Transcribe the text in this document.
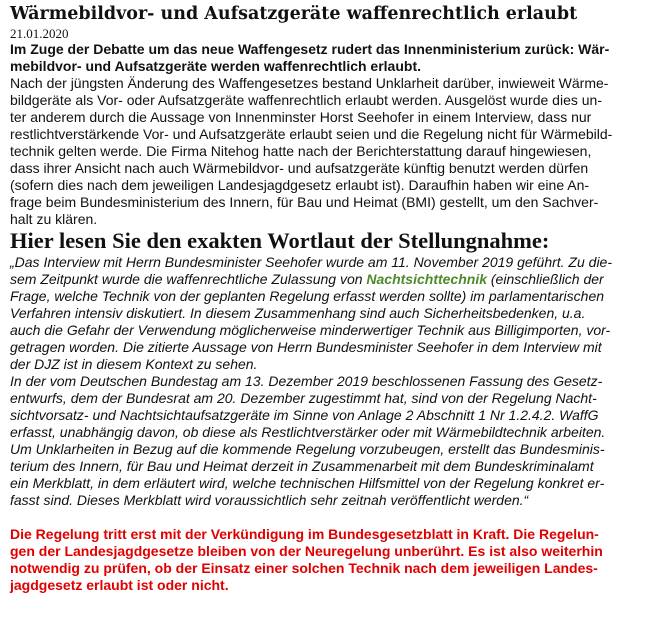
Wärmebildvor- und Aufsatzgeräte waffenrechtlich erlaubt

21.01.2020

Im Zuge der Debatte um das neue Waffengesetz rudert das Innenministerium zurück: Wär-
mebildvor- und Aufsatzgeräte werden waffenrechtlich erlaubt.

Nach der jüngsten Änderung des Waffengesetzes bestand Unklarheit darüber, inwieweit Wärme-
bildgeräte als Vor- oder Aufsatzgeräte waffenrechtlich erlaubt werden. Ausgelöst wurde dies un-
ter anderem durch die Aussage von Innenminster Horst Seehofer in einem Interview, dass nur
restlichtverstärkende Vor- und Aufsatzgeräte erlaubt seien und die Regelung nicht für Wärmebild-
technik gelten werde. Die Firma Nitehog hatte nach der Berichterstattung darauf hingewiesen,
dass ihrer Ansicht nach auch Wärmebildvor- und aufsatzgeräte künftig benutzt werden dürfen
(sofern dies nach dem jeweiligen Landesjagdgesetz erlaubt ist). Daraufhin haben wir eine An-
frage beim Bundesministerium des Innern, für Bau und Heimat (BMI) gestellt, um den Sachver-
halt zu klären.

Hier lesen Sie den exakten Wortlaut der Stellungnahme:

„Das Interview mit Herrn Bundesminister Seehofer wurde am 11. November 2019 geführt. Zu die-
sem Zeitpunkt wurde die waffenrechtliche Zulassung von Nachtsichttechnik (einschließlich der
Frage, welche Technik von der geplanten Regelung erfasst werden sollte) im parlamentarischen
Verfahren intensiv diskutiert. In diesem Zusammenhang sind auch Sicherheitsbedenken, u.a.
auch die Gefahr der Verwendung möglicherweise minderwertiger Technik aus Billigimporten, vor-
getragen worden. Die zitierte Aussage von Herrn Bundesminister Seehofer in dem Interview mit
der DJZ ist in diesem Kontext zu sehen.
In der vom Deutschen Bundestag am 13. Dezember 2019 beschlossenen Fassung des Gesetz-
entwurfs, dem der Bundesrat am 20. Dezember zugestimmt hat, sind von der Regelung Nacht-
sichtvorsatz- und Nachtsichtaufsatzgeräte im Sinne von Anlage 2 Abschnitt 1 Nr 1.2.4.2. WaffG
erfasst, unabhängig davon, ob diese als Restlichtverstärker oder mit Wärmebildtechnik arbeiten.
Um Unklarheiten in Bezug auf die kommende Regelung vorzubeugen, erstellt das Bundesminis-
terium des Innern, für Bau und Heimat derzeit in Zusammenarbeit mit dem Bundeskriminalamt
ein Merkblatt, in dem erläutert wird, welche technischen Hilfsmittel von der Regelung konkret er-
fasst sind. Dieses Merkblatt wird voraussichtlich sehr zeitnah veröffentlicht werden.“

Die Regelung tritt erst mit der Verkündigung im Bundesgesetzblatt in Kraft. Die Regelun-
gen der Landesjagdgesetze bleiben von der Neuregelung unberührt. Es ist also weiterhin
notwendig zu prüfen, ob der Einsatz einer solchen Technik nach dem jeweiligen Landes-
jagdgesetz erlaubt ist oder nicht.
